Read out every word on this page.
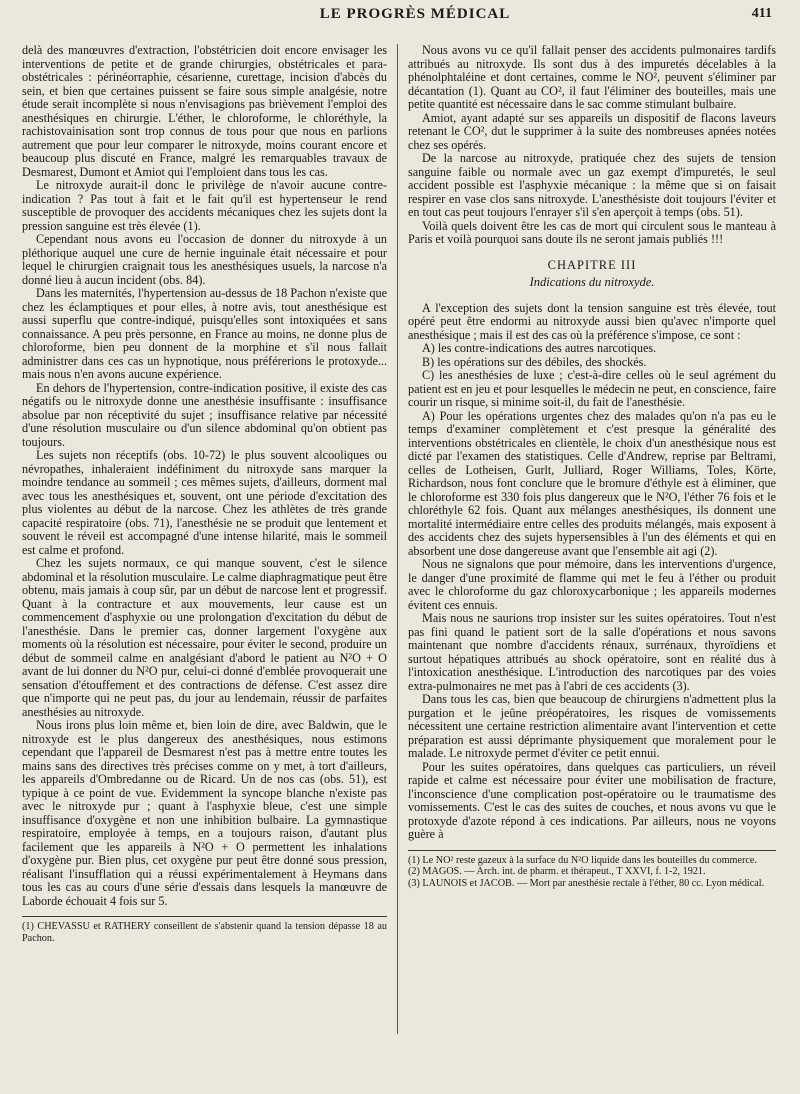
LE PROGRÈS MÉDICAL	411

delà des manœuvres d'extraction, l'obstétricien doit encore envisager les interventions de petite et de grande chirurgies, obstétricales et para-obstétricales : périnéorraphie, césarienne, curettage, incision d'abcès du sein, et bien que certaines puissent se faire sous simple analgésie, notre étude serait incomplète si nous n'envisagions pas brièvement l'emploi des anesthésiques en chirurgie. L'éther, le chloroforme, le chloréthyle, la rachistovainisation sont trop connus de tous pour que nous en parlions autrement que pour leur comparer le nitroxyde, moins courant encore et beaucoup plus discuté en France, malgré les remarquables travaux de Desmarest, Dumont et Amiot qui l'emploient dans tous les cas.

Le nitroxyde aurait-il donc le privilège de n'avoir aucune contre-indication ? Pas tout à fait et le fait qu'il est hypertenseur le rend susceptible de provoquer des accidents mécaniques chez les sujets dont la pression sanguine est très élevée (1).

Cependant nous avons eu l'occasion de donner du nitroxyde à un pléthorique auquel une cure de hernie inguinale était nécessaire et pour lequel le chirurgien craignait tous les anesthésiques usuels, la narcose n'a donné lieu à aucun incident (obs. 84).

Dans les maternités, l'hypertension au-dessus de 18 Pachon n'existe que chez les éclamptiques et pour elles, à notre avis, tout anesthésique est aussi superflu que contre-indiqué, puisqu'elles sont intoxiquées et sans connaissance. A peu près personne, en France au moins, ne donne plus de chloroforme, bien peu donnent de la morphine et s'il nous fallait administrer dans ces cas un hypnotique, nous préférerions le protoxyde... mais nous n'en avons aucune expérience.

En dehors de l'hypertension, contre-indication positive, il existe des cas négatifs ou le nitroxyde donne une anesthésie insuffisante : insuffisance absolue par non réceptivité du sujet ; insuffisance relative par nécessité d'une résolution musculaire ou d'un silence abdominal qu'on obtient pas toujours.

Les sujets non réceptifs (obs. 10-72) le plus souvent alcooliques ou névropathes, inhaleraient indéfiniment du nitroxyde sans marquer la moindre tendance au sommeil ; ces mêmes sujets, d'ailleurs, dorment mal avec tous les anesthésiques et, souvent, ont une période d'excitation des plus violentes au début de la narcose. Chez les athlètes de très grande capacité respiratoire (obs. 71), l'anesthésie ne se produit que lentement et souvent le réveil est accompagné d'une intense hilarité, mais le sommeil est calme et profond.

Chez les sujets normaux, ce qui manque souvent, c'est le silence abdominal et la résolution musculaire. Le calme diaphragmatique peut être obtenu, mais jamais à coup sûr, par un début de narcose lent et progressif. Quant à la contracture et aux mouvements, leur cause est un commencement d'asphyxie ou une prolongation d'excitation du début de l'anesthésie. Dans le premier cas, donner largement l'oxygène aux moments où la résolution est nécessaire, pour éviter le second, produire un début de sommeil calme en analgésiant d'abord le patient au N²O + O avant de lui donner du N²O pur, celui-ci donné d'emblée provoquerait une sensation d'étouffement et des contractions de défense. C'est assez dire que n'importe qui ne peut pas, du jour au lendemain, réussir de parfaites anesthésies au nitroxyde.

Nous irons plus loin même et, bien loin de dire, avec Baldwin, que le nitroxyde est le plus dangereux des anesthésiques, nous estimons cependant que l'appareil de Desmarest n'est pas à mettre entre toutes les mains sans des directives très précises comme on y met, à tort d'ailleurs, les appareils d'Ombredanne ou de Ricard. Un de nos cas (obs. 51), est typique à ce point de vue. Evidemment la syncope blanche n'existe pas avec le nitroxyde pur ; quant à l'asphyxie bleue, c'est une simple insuffisance d'oxygène et non une inhibition bulbaire. La gymnastique respiratoire, employée à temps, en a toujours raison, d'autant plus facilement que les appareils à N²O + O permettent les inhalations d'oxygène pur. Bien plus, cet oxygène pur peut être donné sous pression, réalisant l'insufflation qui a réussi expérimentalement à Heymans dans tous les cas au cours d'une série d'essais dans lesquels la manœuvre de Laborde échouait 4 fois sur 5.

(1) CHEVASSU et RATHERY conseillent de s'abstenir quand la tension dépasse 18 au Pachon.

Nous avons vu ce qu'il fallait penser des accidents pulmonaires tardifs attribués au nitroxyde. Ils sont dus à des impuretés décelables à la phénolphtaléine et dont certaines, comme le NO², peuvent s'éliminer par décantation (1). Quant au CO², il faut l'éliminer des bouteilles, mais une petite quantité est nécessaire dans le sac comme stimulant bulbaire.

Amiot, ayant adapté sur ses appareils un dispositif de flacons laveurs retenant le CO², dut le supprimer à la suite des nombreuses apnées notées chez ses opérés.

De la narcose au nitroxyde, pratiquée chez des sujets de tension sanguine faible ou normale avec un gaz exempt d'impuretés, le seul accident possible est l'asphyxie mécanique : la même que si on faisait respirer en vase clos sans nitroxyde. L'anesthésiste doit toujours l'éviter et en tout cas peut toujours l'enrayer s'il s'en aperçoit à temps (obs. 51).

Voilà quels doivent être les cas de mort qui circulent sous le manteau à Paris et voilà pourquoi sans doute ils ne seront jamais publiés !!!

CHAPITRE III
Indications du nitroxyde.

A l'exception des sujets dont la tension sanguine est très élevée, tout opéré peut être endormi au nitroxyde aussi bien qu'avec n'importe quel anesthésique ; mais il est des cas où la préférence s'impose, ce sont :

A) les contre-indications des autres narcotiques.

B) les opérations sur des débiles, des shockés.

C) les anesthésies de luxe ; c'est-à-dire celles où le seul agrément du patient est en jeu et pour lesquelles le médecin ne peut, en conscience, faire courir un risque, si minime soit-il, du fait de l'anesthésie.

A) Pour les opérations urgentes chez des malades qu'on n'a pas eu le temps d'examiner complètement et c'est presque la généralité des interventions obstétricales en clientèle, le choix d'un anesthésique nous est dicté par l'examen des statistiques. Celle d'Andrew, reprise par Beltrami, celles de Lotheisen, Gurlt, Julliard, Roger Williams, Toles, Körte, Richardson, nous font conclure que le bromure d'éthyle est à éliminer, que le chloroforme est 330 fois plus dangereux que le N²O, l'éther 76 fois et le chloréthyle 62 fois. Quant aux mélanges anesthésiques, ils donnent une mortalité intermédiaire entre celles des produits mélangés, mais exposent à des accidents chez des sujets hypersensibles à l'un des éléments et qui en absorbent une dose dangereuse avant que l'ensemble ait agi (2).

Nous ne signalons que pour mémoire, dans les interventions d'urgence, le danger d'une proximité de flamme qui met le feu à l'éther ou produit avec le chloroforme du gaz chloroxycarbonique ; les appareils modernes évitent ces ennuis.

Mais nous ne saurions trop insister sur les suites opératoires. Tout n'est pas fini quand le patient sort de la salle d'opérations et nous savons maintenant que nombre d'accidents rénaux, surrénaux, thyroïdiens et surtout hépatiques attribués au shock opératoire, sont en réalité dus à l'intoxication anesthésique. L'introduction des narcotiques par des voies extra-pulmonaires ne met pas à l'abri de ces accidents (3).

Dans tous les cas, bien que beaucoup de chirurgiens n'admettent plus la purgation et le jeûne préopératoires, les risques de vomissements nécessitent une certaine restriction alimentaire avant l'intervention et cette préparation est aussi déprimante physiquement que moralement pour le malade. Le nitroxyde permet d'éviter ce petit ennui.

Pour les suites opératoires, dans quelques cas particuliers, un réveil rapide et calme est nécessaire pour éviter une mobilisation de fracture, l'inconscience d'une complication post-opératoire ou le traumatisme des vomissements. C'est le cas des suites de couches, et nous avons vu que le protoxyde d'azote répond à ces indications. Par ailleurs, nous ne voyons guère à

(1) Le NO² reste gazeux à la surface du N²O liquide dans les bouteilles du commerce.

(2) MAGOS. — Arch. int. de pharm. et thérapeut., T XXVI, f. 1-2, 1921.

(3) LAUNOIS et JACOB. — Mort par anesthésie rectale à l'éther, 80 cc. Lyon médical.
